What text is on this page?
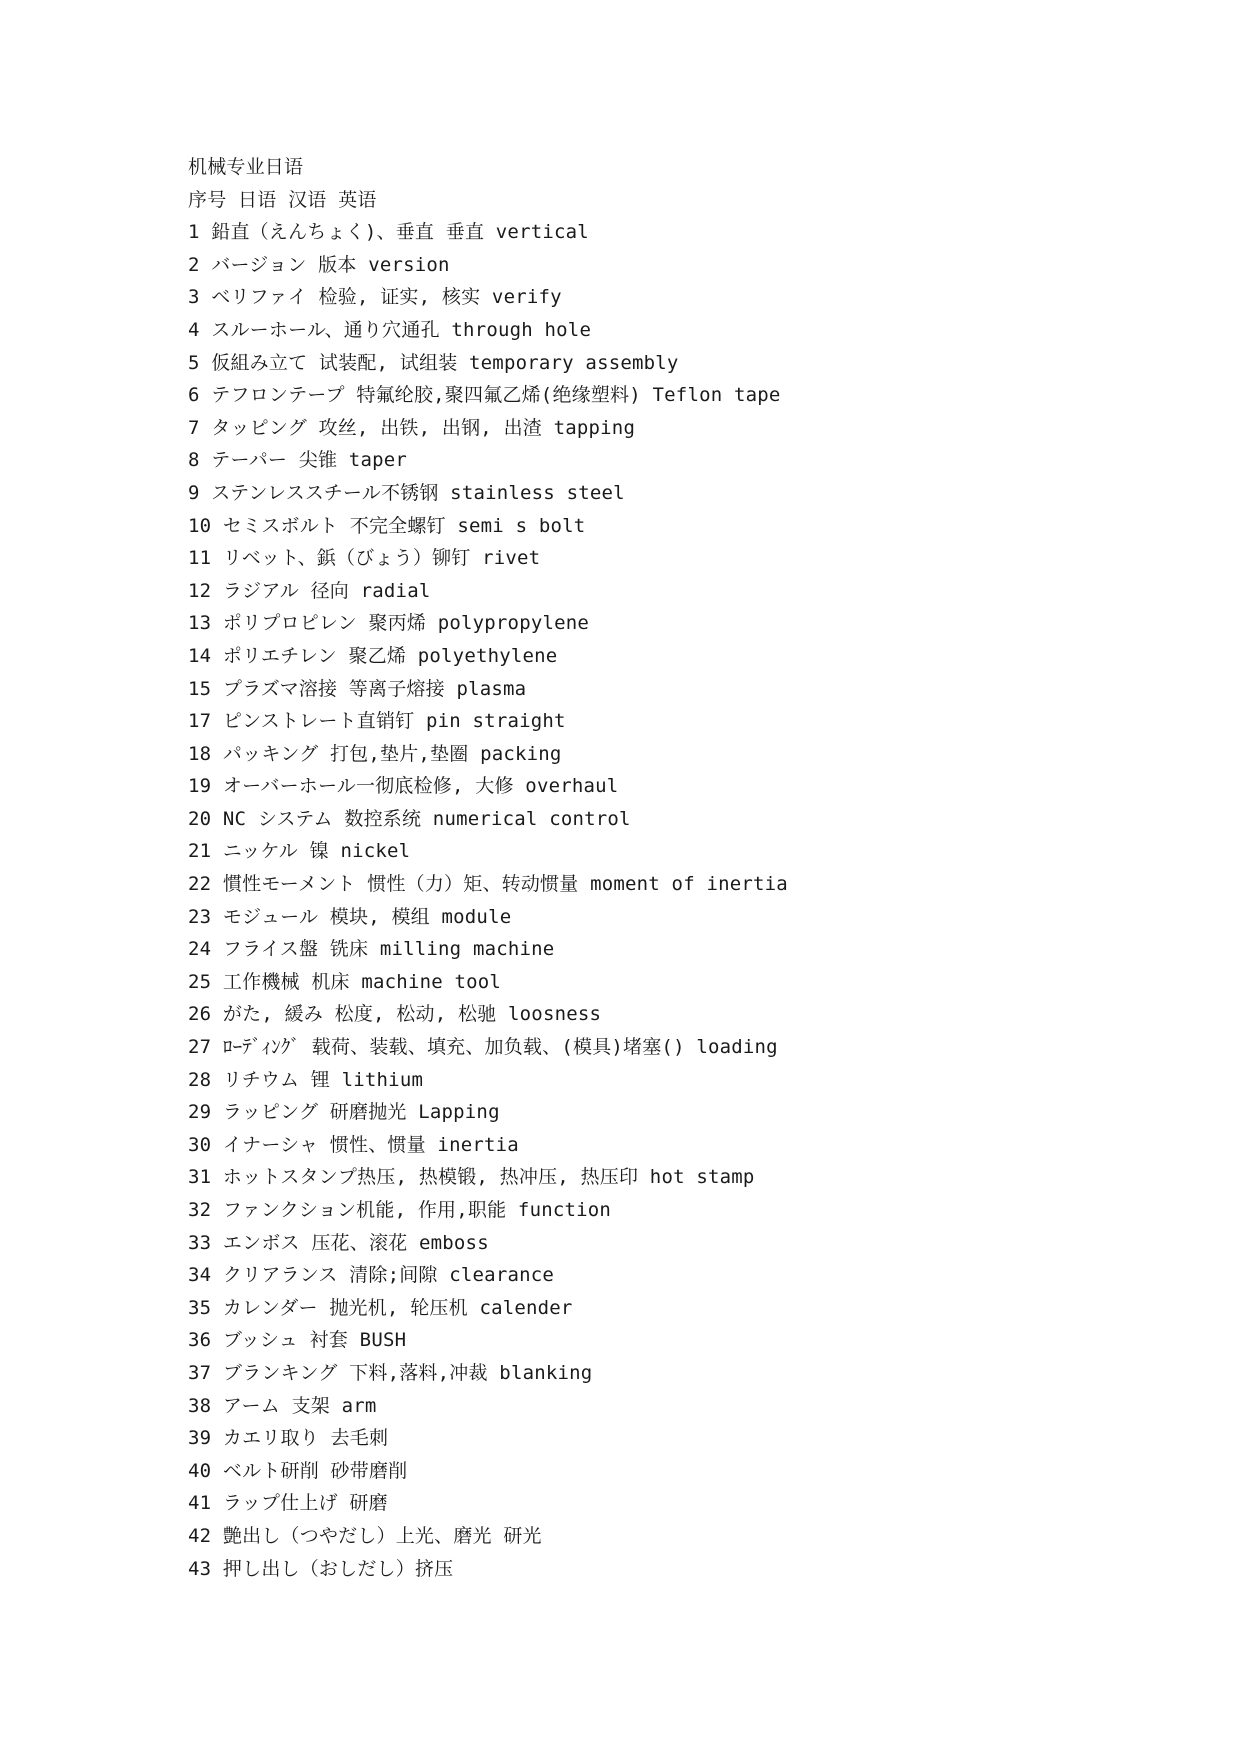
机械专业日语
序号 日语 汉语 英语
1 鉛直（えんちょく)、垂直 垂直 vertical
2 バージョン 版本 version
3 ベリファイ 检验, 证实, 核实 verify
4 スルーホール、通り穴通孔 through hole
5 仮組み立て 试装配, 试组装 temporary assembly
6 テフロンテープ 特氟纶胶,聚四氟乙烯(绝缘塑料) Teflon tape
7 タッピング 攻丝, 出铁, 出钢, 出渣 tapping
8 テーパー 尖锥 taper
9 ステンレススチール不锈钢 stainless steel
10 セミスボルト 不完全螺钉 semi s bolt
11 リベット、鋲（びょう）铆钉 rivet
12 ラジアル 径向 radial
13 ポリプロピレン 聚丙烯 polypropylene
14 ポリエチレン 聚乙烯 polyethylene
15 プラズマ溶接 等离子熔接 plasma
17 ピンストレート直销钉 pin straight
18 パッキング 打包,垫片,垫圈 packing
19 オーバーホール一彻底检修, 大修 overhaul
20 NC システム 数控系统 numerical control
21 ニッケル 镍 nickel
22 慣性モーメント 惯性（力）矩、转动惯量 moment of inertia
23 モジュール 模块, 模组 module
24 フライス盤 铣床 milling machine
25 工作機械 机床 machine tool
26 がた, 緩み 松度, 松动, 松驰 loosness
27 ﾛｰﾃﾞｨﾝｸﾞ 载荷、装载、填充、加负载、(模具)堵塞() loading
28 リチウム 锂 lithium
29 ラッピング 研磨抛光 Lapping
30 イナーシャ 惯性、惯量 inertia
31 ホットスタンプ热压, 热模锻, 热冲压, 热压印 hot stamp
32 ファンクション机能, 作用,职能 function
33 エンボス 压花、滚花 emboss
34 クリアランス 清除;间隙 clearance
35 カレンダー 抛光机, 轮压机 calender
36 ブッシュ 衬套 BUSH
37 ブランキング 下料,落料,冲裁 blanking
38 アーム 支架 arm
39 カエリ取り 去毛刺
40 ベルト研削 砂带磨削
41 ラップ仕上げ 研磨
42 艶出し（つやだし）上光、磨光 研光
43 押し出し（おしだし）挤压
